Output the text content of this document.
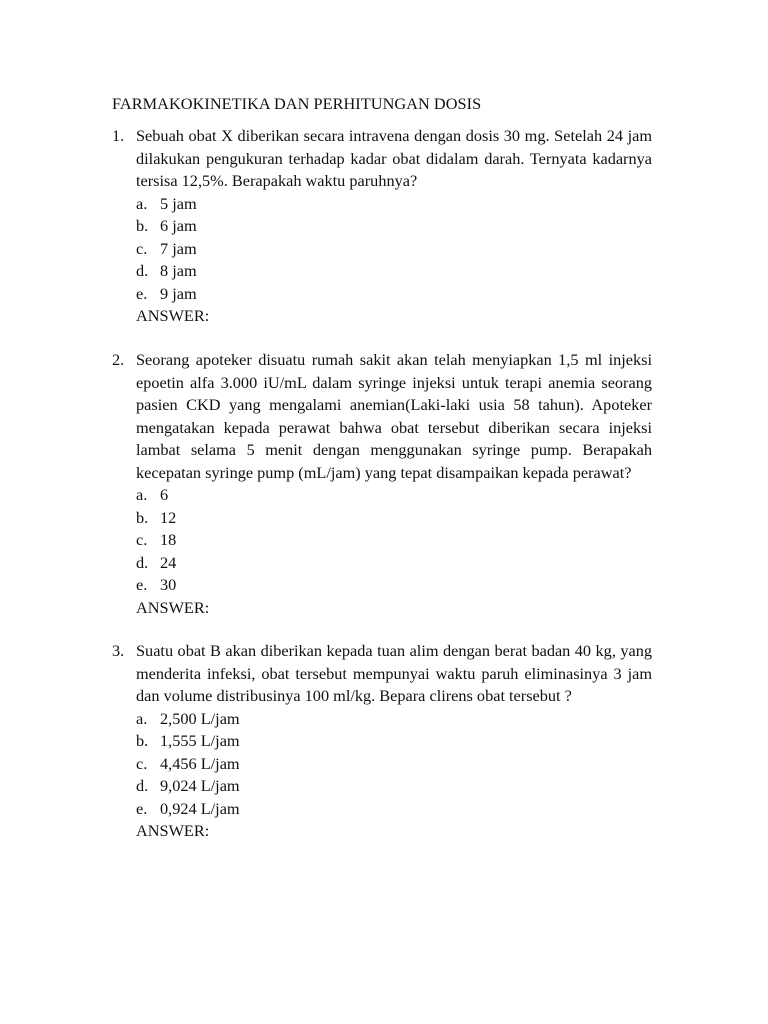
FARMAKOKINETIKA DAN PERHITUNGAN DOSIS
1. Sebuah obat X diberikan secara intravena dengan dosis 30 mg. Setelah 24 jam dilakukan pengukuran terhadap kadar obat didalam darah. Ternyata kadarnya tersisa 12,5%. Berapakah waktu paruhnya?
a. 5 jam
b. 6 jam
c. 7 jam
d. 8 jam
e. 9 jam
ANSWER:
2. Seorang apoteker disuatu rumah sakit akan telah menyiapkan 1,5 ml injeksi epoetin alfa 3.000 iU/mL dalam syringe injeksi untuk terapi anemia seorang pasien CKD yang mengalami anemian(Laki-laki usia 58 tahun). Apoteker mengatakan kepada perawat bahwa obat tersebut diberikan secara injeksi lambat selama 5 menit dengan menggunakan syringe pump. Berapakah kecepatan syringe pump (mL/jam) yang tepat disampaikan kepada perawat?
a. 6
b. 12
c. 18
d. 24
e. 30
ANSWER:
3. Suatu obat B akan diberikan kepada tuan alim dengan berat badan 40 kg, yang menderita infeksi, obat tersebut mempunyai waktu paruh eliminasinya 3 jam dan volume distribusinya 100 ml/kg. Bepara clirens obat tersebut ?
a. 2,500 L/jam
b. 1,555 L/jam
c. 4,456 L/jam
d. 9,024 L/jam
e. 0,924 L/jam
ANSWER:
